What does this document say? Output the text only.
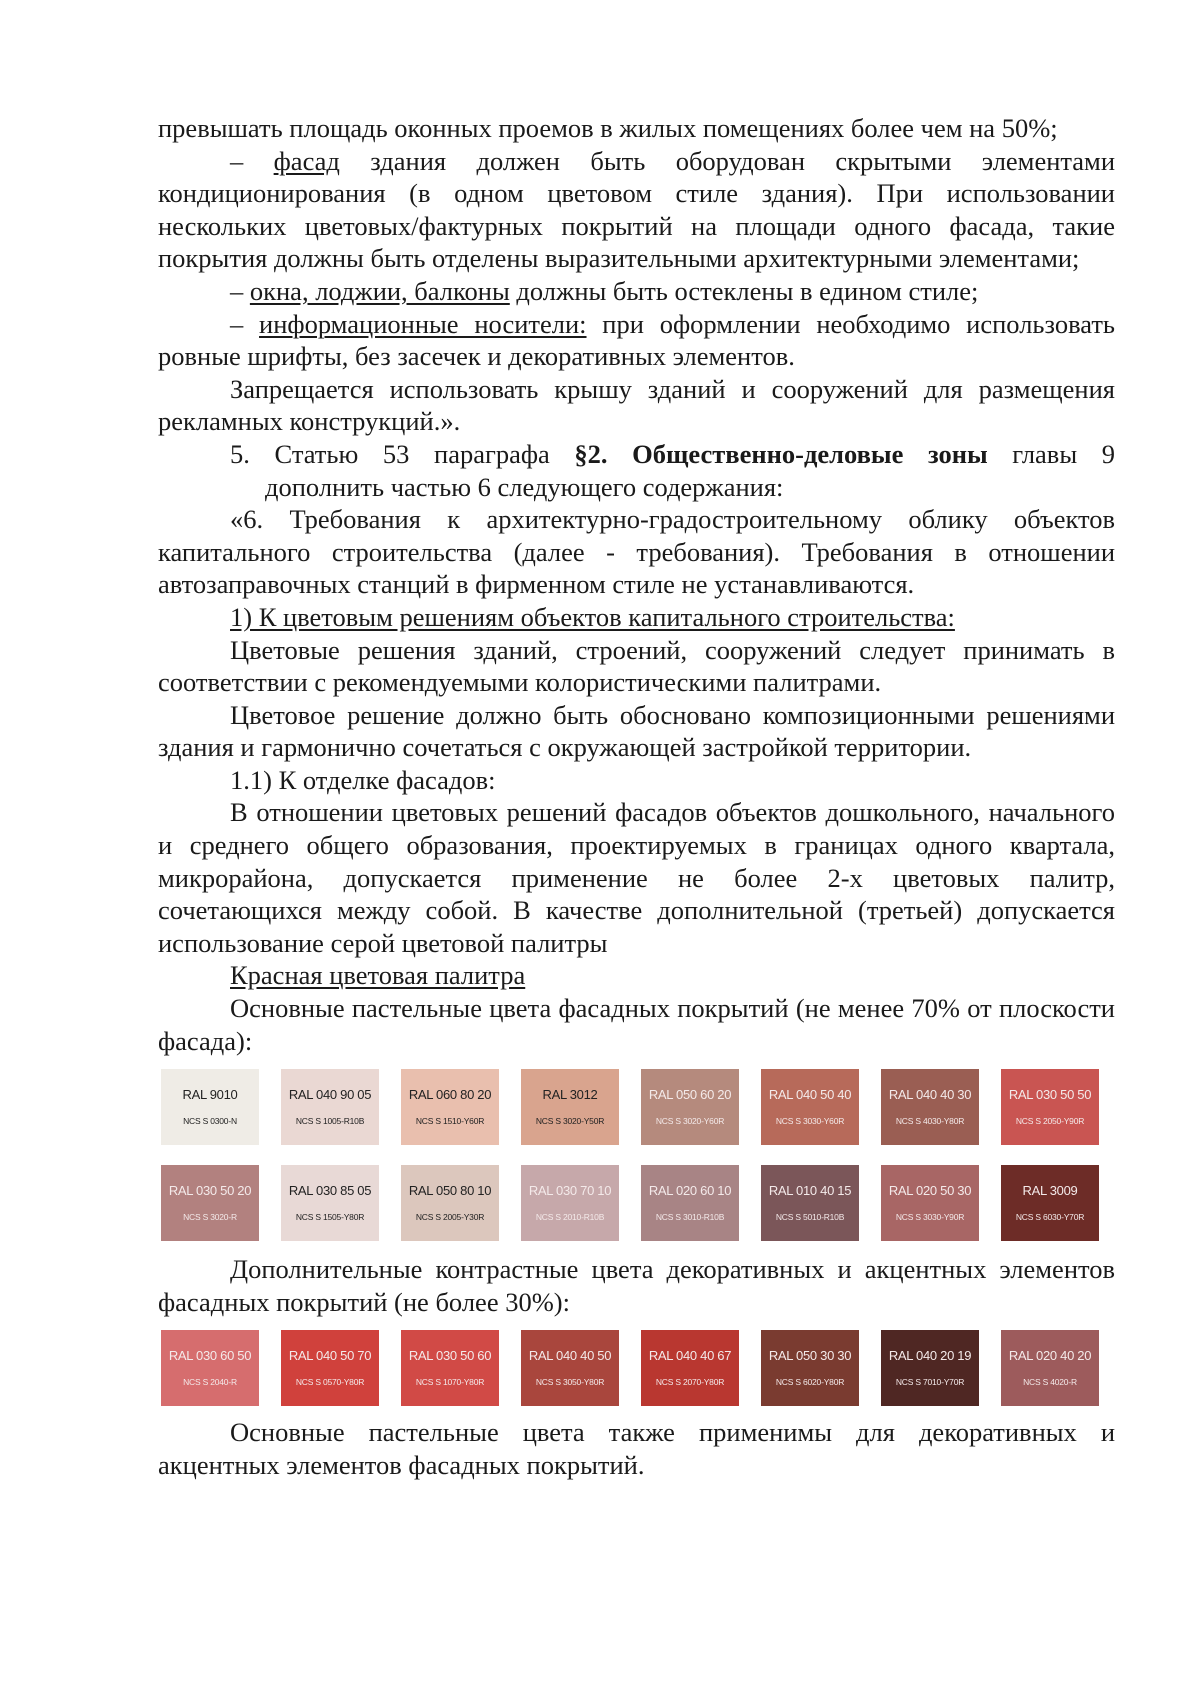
превышать площадь оконных проемов в жилых помещениях более чем на 50%;

– фасад здания должен быть оборудован скрытыми элементами кондиционирования (в одном цветовом стиле здания). При использовании нескольких цветовых/фактурных покрытий на площади одного фасада, такие покрытия должны быть отделены выразительными архитектурными элементами;

– окна, лоджии, балконы должны быть остеклены в едином стиле;

– информационные носители: при оформлении необходимо использовать ровные шрифты, без засечек и декоративных элементов.

Запрещается использовать крышу зданий и сооружений для размещения рекламных конструкций.».

5. Статью 53 параграфа §2. Общественно-деловые зоны главы 9

дополнить частью 6 следующего содержания:

«6. Требования к архитектурно-градостроительному облику объектов капитального строительства (далее - требования). Требования в отношении автозаправочных станций в фирменном стиле не устанавливаются.

1) К цветовым решениям объектов капитального строительства:

Цветовые решения зданий, строений, сооружений следует принимать в соответствии с рекомендуемыми колористическими палитрами.

Цветовое решение должно быть обосновано композиционными решениями здания и гармонично сочетаться с окружающей застройкой территории.

1.1) К отделке фасадов:

В отношении цветовых решений фасадов объектов дошкольного, начального и среднего общего образования, проектируемых в границах одного квартала, микрорайона, допускается применение не более 2-х цветовых палитр, сочетающихся между собой. В качестве дополнительной (третьей) допускается использование серой цветовой палитры

Красная цветовая палитра

Основные пастельные цвета фасадных покрытий (не менее 70% от плоскости фасада):

RAL 9010
NCS S 0300-N
RAL 040 90 05
NCS S 1005-R10B
RAL 060 80 20
NCS S 1510-Y60R
RAL 3012
NCS S 3020-Y50R
RAL 050 60 20
NCS S 3020-Y60R
RAL 040 50 40
NCS S 3030-Y60R
RAL 040 40 30
NCS S 4030-Y80R
RAL 030 50 50
NCS S 2050-Y90R
RAL 030 50 20
NCS S 3020-R
RAL 030 85 05
NCS S 1505-Y80R
RAL 050 80 10
NCS S 2005-Y30R
RAL 030 70 10
NCS S 2010-R10B
RAL 020 60 10
NCS S 3010-R10B
RAL 010 40 15
NCS S 5010-R10B
RAL 020 50 30
NCS S 3030-Y90R
RAL 3009
NCS S 6030-Y70R

Дополнительные контрастные цвета декоративных и акцентных элементов фасадных покрытий (не более 30%):

RAL 030 60 50
NCS S 2040-R
RAL 040 50 70
NCS S 0570-Y80R
RAL 030 50 60
NCS S 1070-Y80R
RAL 040 40 50
NCS S 3050-Y80R
RAL 040 40 67
NCS S 2070-Y80R
RAL 050 30 30
NCS S 6020-Y80R
RAL 040 20 19
NCS S 7010-Y70R
RAL 020 40 20
NCS S 4020-R

Основные пастельные цвета также применимы для декоративных и акцентных элементов фасадных покрытий.
